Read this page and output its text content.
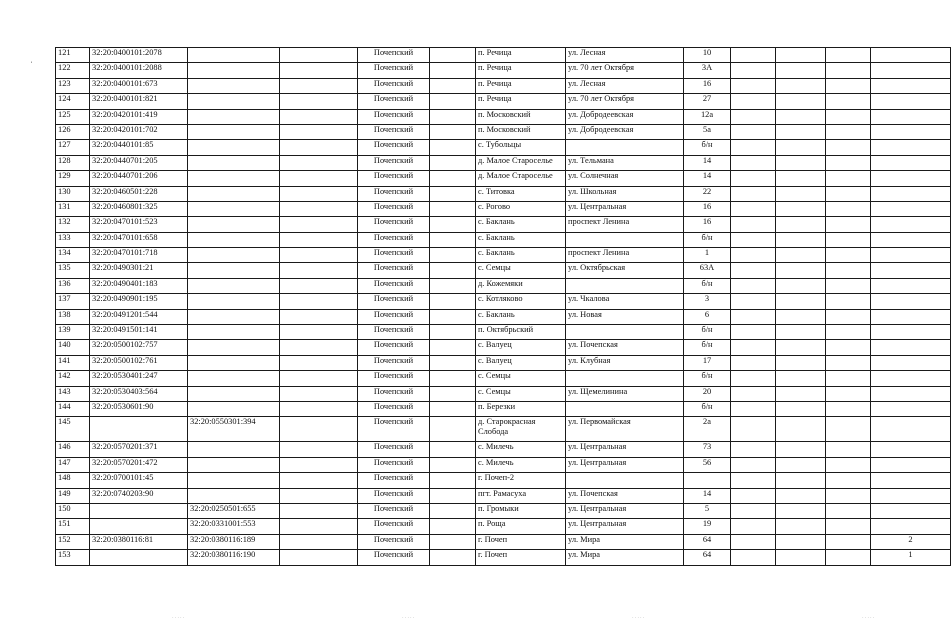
ˌ
121	32:20:0400101:2078			Почепский		п. Речица	ул. Лесная	10				
122	32:20:0400101:2088			Почепский		п. Речица	ул. 70 лет Октября	3А				
123	32:20:0400101:673			Почепский		п. Речица	ул. Лесная	16				
124	32:20:0400101:821			Почепский		п. Речица	ул. 70 лет Октября	27				
125	32:20:0420101:419			Почепский		п. Московский	ул. Добродеевская	12а				
126	32:20:0420101:702			Почепский		п. Московский	ул. Добродеевская	5а				
127	32:20:0440101:85			Почепский		с. Тубольцы		б/н				
128	32:20:0440701:205			Почепский		д. Малое Староселье	ул. Тельмана	14				
129	32:20:0440701:206			Почепский		д. Малое Староселье	ул. Солнечная	14				
130	32:20:0460501:228			Почепский		с. Титовка	ул. Школьная	22				
131	32:20:0460801:325			Почепский		с. Рогово	ул. Центральная	16				
132	32:20:0470101:523			Почепский		с. Баклань	проспект Ленина	16				
133	32:20:0470101:658			Почепский		с. Баклань		б/н				
134	32:20:0470101:718			Почепский		с. Баклань	проспект Ленина	1				
135	32:20:0490301:21			Почепский		с. Семцы	ул. Октябрьская	63А				
136	32:20:0490401:183			Почепский		д. Кожемяки		б/н				
137	32:20:0490901:195			Почепский		с. Котляково	ул. Чкалова	3				
138	32:20:0491201:544			Почепский		с. Баклань	ул. Новая	6				
139	32:20:0491501:141			Почепский		п. Октябрьский		б/н				
140	32:20:0500102:757			Почепский		с. Валуец	ул. Почепская	б/н				
141	32:20:0500102:761			Почепский		с. Валуец	ул. Клубная	17				
142	32:20:0530401:247			Почепский		с. Семцы		б/н				
143	32:20:0530403:564			Почепский		с. Семцы	ул. Щемелинина	20				
144	32:20:0530601:90			Почепский		п. Березки		б/н				
145		32:20:0550301:394		Почепский		д. Старокрасная Слобода	ул. Первомайская	2а				
146	32:20:0570201:371			Почепский		с. Милечь	ул. Центральная	73				
147	32:20:0570201:472			Почепский		с. Милечь	ул. Центральная	56				
148	32:20:0700101:45			Почепский		г. Почеп-2						
149	32:20:0740203:90			Почепский		пгт. Рамасуха	ул. Почепская	14				
150		32:20:0250501:655		Почепский		п. Громыки	ул. Центральная	5				
151		32:20:0331001:553		Почепский		п. Роща	ул. Центральная	19				
152	32:20:0380116:81	32:20:0380116:189		Почепский		г. Почеп	ул. Мира	64				2
153		32:20:0380116:190		Почепский		г. Почеп	ул. Мира	64				1
·····	·····	·····	·····
